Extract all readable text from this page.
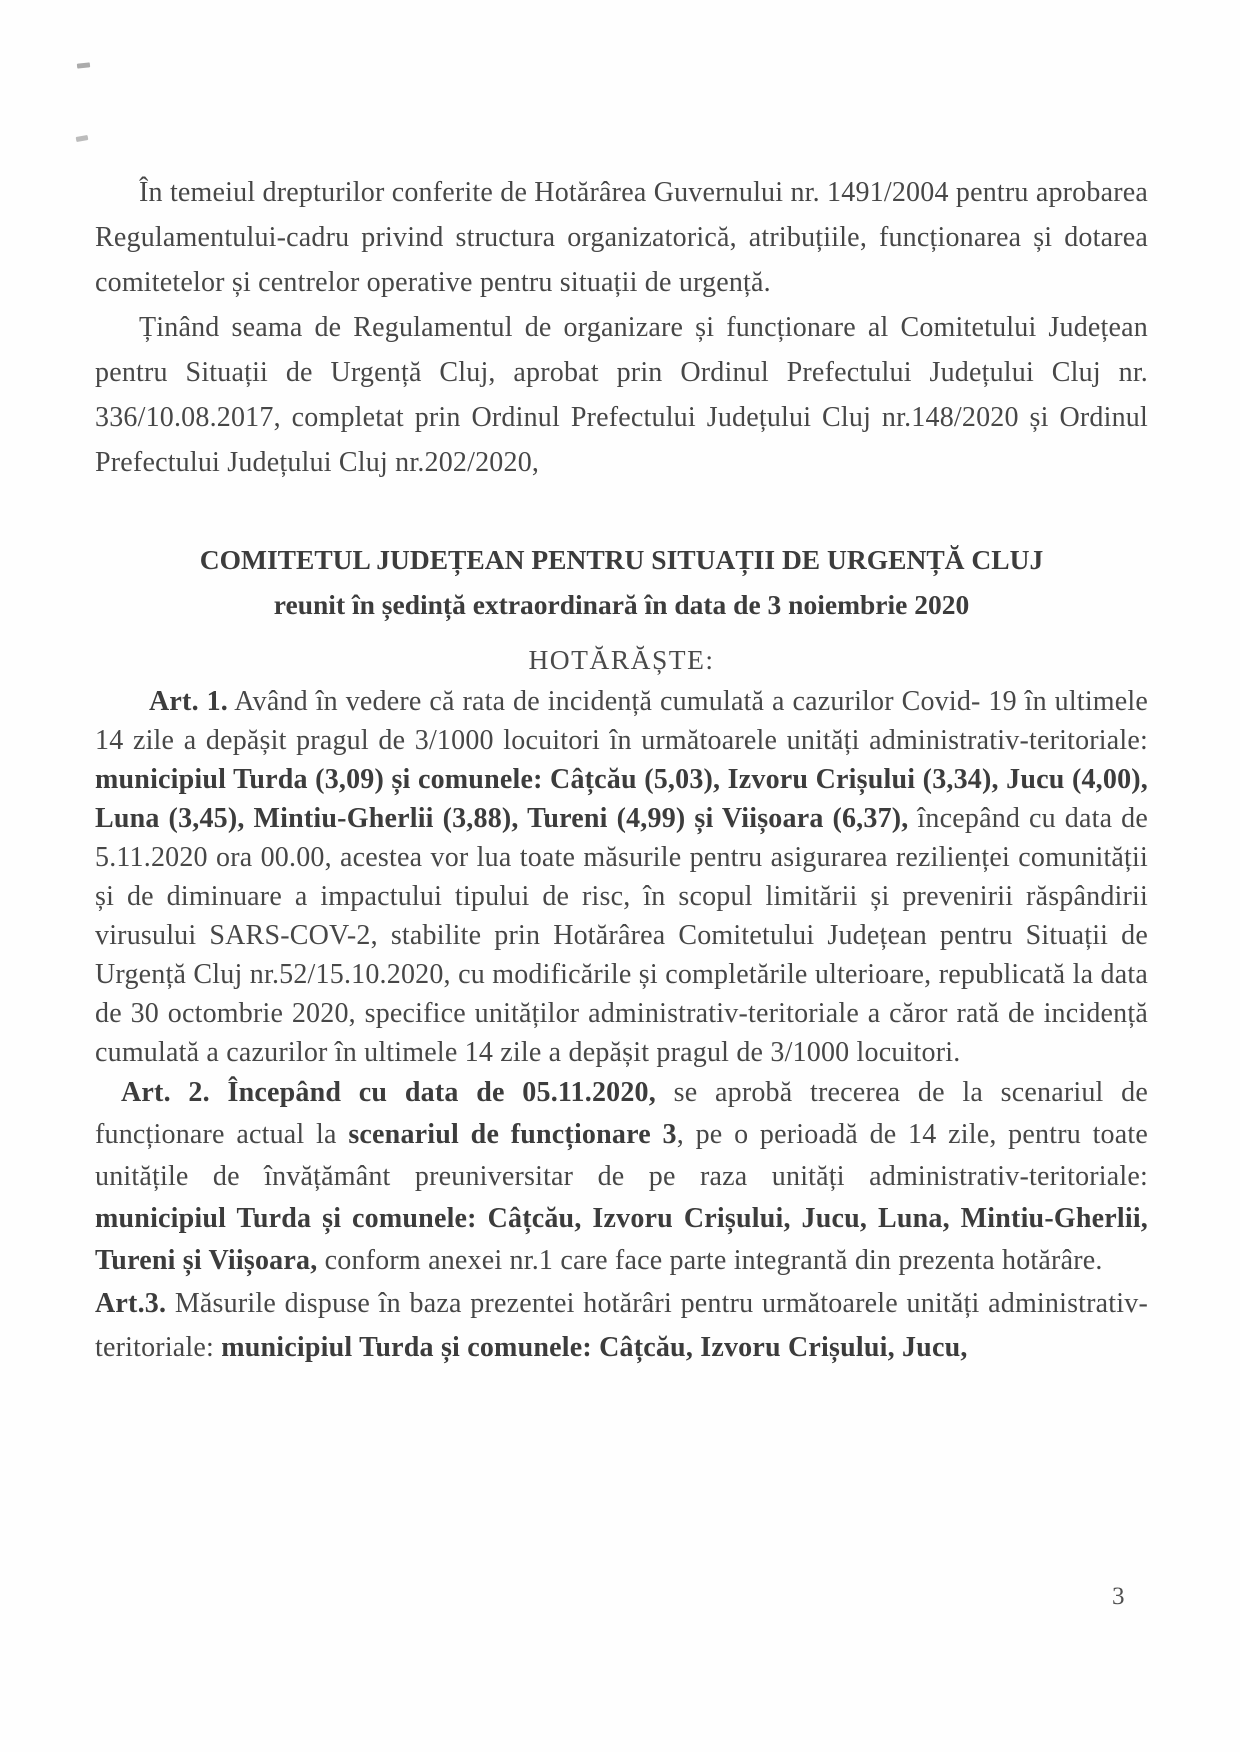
În temeiul drepturilor conferite de Hotărârea Guvernului nr. 1491/2004 pentru aprobarea Regulamentului-cadru privind structura organizatorică, atribuțiile, funcționarea și dotarea comitetelor și centrelor operative pentru situații de urgență.

Ținând seama de Regulamentul de organizare și funcționare al Comitetului Județean pentru Situații de Urgență Cluj, aprobat prin Ordinul Prefectului Județului Cluj nr. 336/10.08.2017, completat prin Ordinul Prefectului Județului Cluj nr.148/2020 și Ordinul Prefectului Județului Cluj nr.202/2020,

COMITETUL JUDEȚEAN PENTRU SITUAȚII DE URGENȚĂ CLUJ
reunit în ședință extraordinară în data de 3 noiembrie 2020
HOTĂRĂȘTE:

Art. 1. Având în vedere că rata de incidență cumulată a cazurilor Covid- 19 în ultimele 14 zile a depășit pragul de 3/1000 locuitori în următoarele unități administrativ-teritoriale: municipiul Turda (3,09) și comunele: Câțcău (5,03), Izvoru Crișului (3,34), Jucu (4,00), Luna (3,45), Mintiu-Gherlii (3,88), Tureni (4,99) și Viișoara (6,37), începând cu data de 5.11.2020 ora 00.00, acestea vor lua toate măsurile pentru asigurarea rezilienței comunității și de diminuare a impactului tipului de risc, în scopul limitării și prevenirii răspândirii virusului SARS-COV-2, stabilite prin Hotărârea Comitetului Județean pentru Situații de Urgență Cluj nr.52/15.10.2020, cu modificările și completările ulterioare, republicată la data de 30 octombrie 2020, specifice unităților administrativ-teritoriale a căror rată de incidență cumulată a cazurilor în ultimele 14 zile a depășit pragul de 3/1000 locuitori.

Art. 2. Începând cu data de 05.11.2020, se aprobă trecerea de la scenariul de funcționare actual la scenariul de funcționare 3, pe o perioadă de 14 zile, pentru toate unitățile de învățământ preuniversitar de pe raza unități administrativ-teritoriale: municipiul Turda și comunele: Câțcău, Izvoru Crișului, Jucu, Luna, Mintiu-Gherlii, Tureni și Viișoara, conform anexei nr.1 care face parte integrantă din prezenta hotărâre.

Art.3. Măsurile dispuse în baza prezentei hotărâri pentru următoarele unități administrativ-teritoriale: municipiul Turda și comunele: Câțcău, Izvoru Crișului, Jucu,

3
